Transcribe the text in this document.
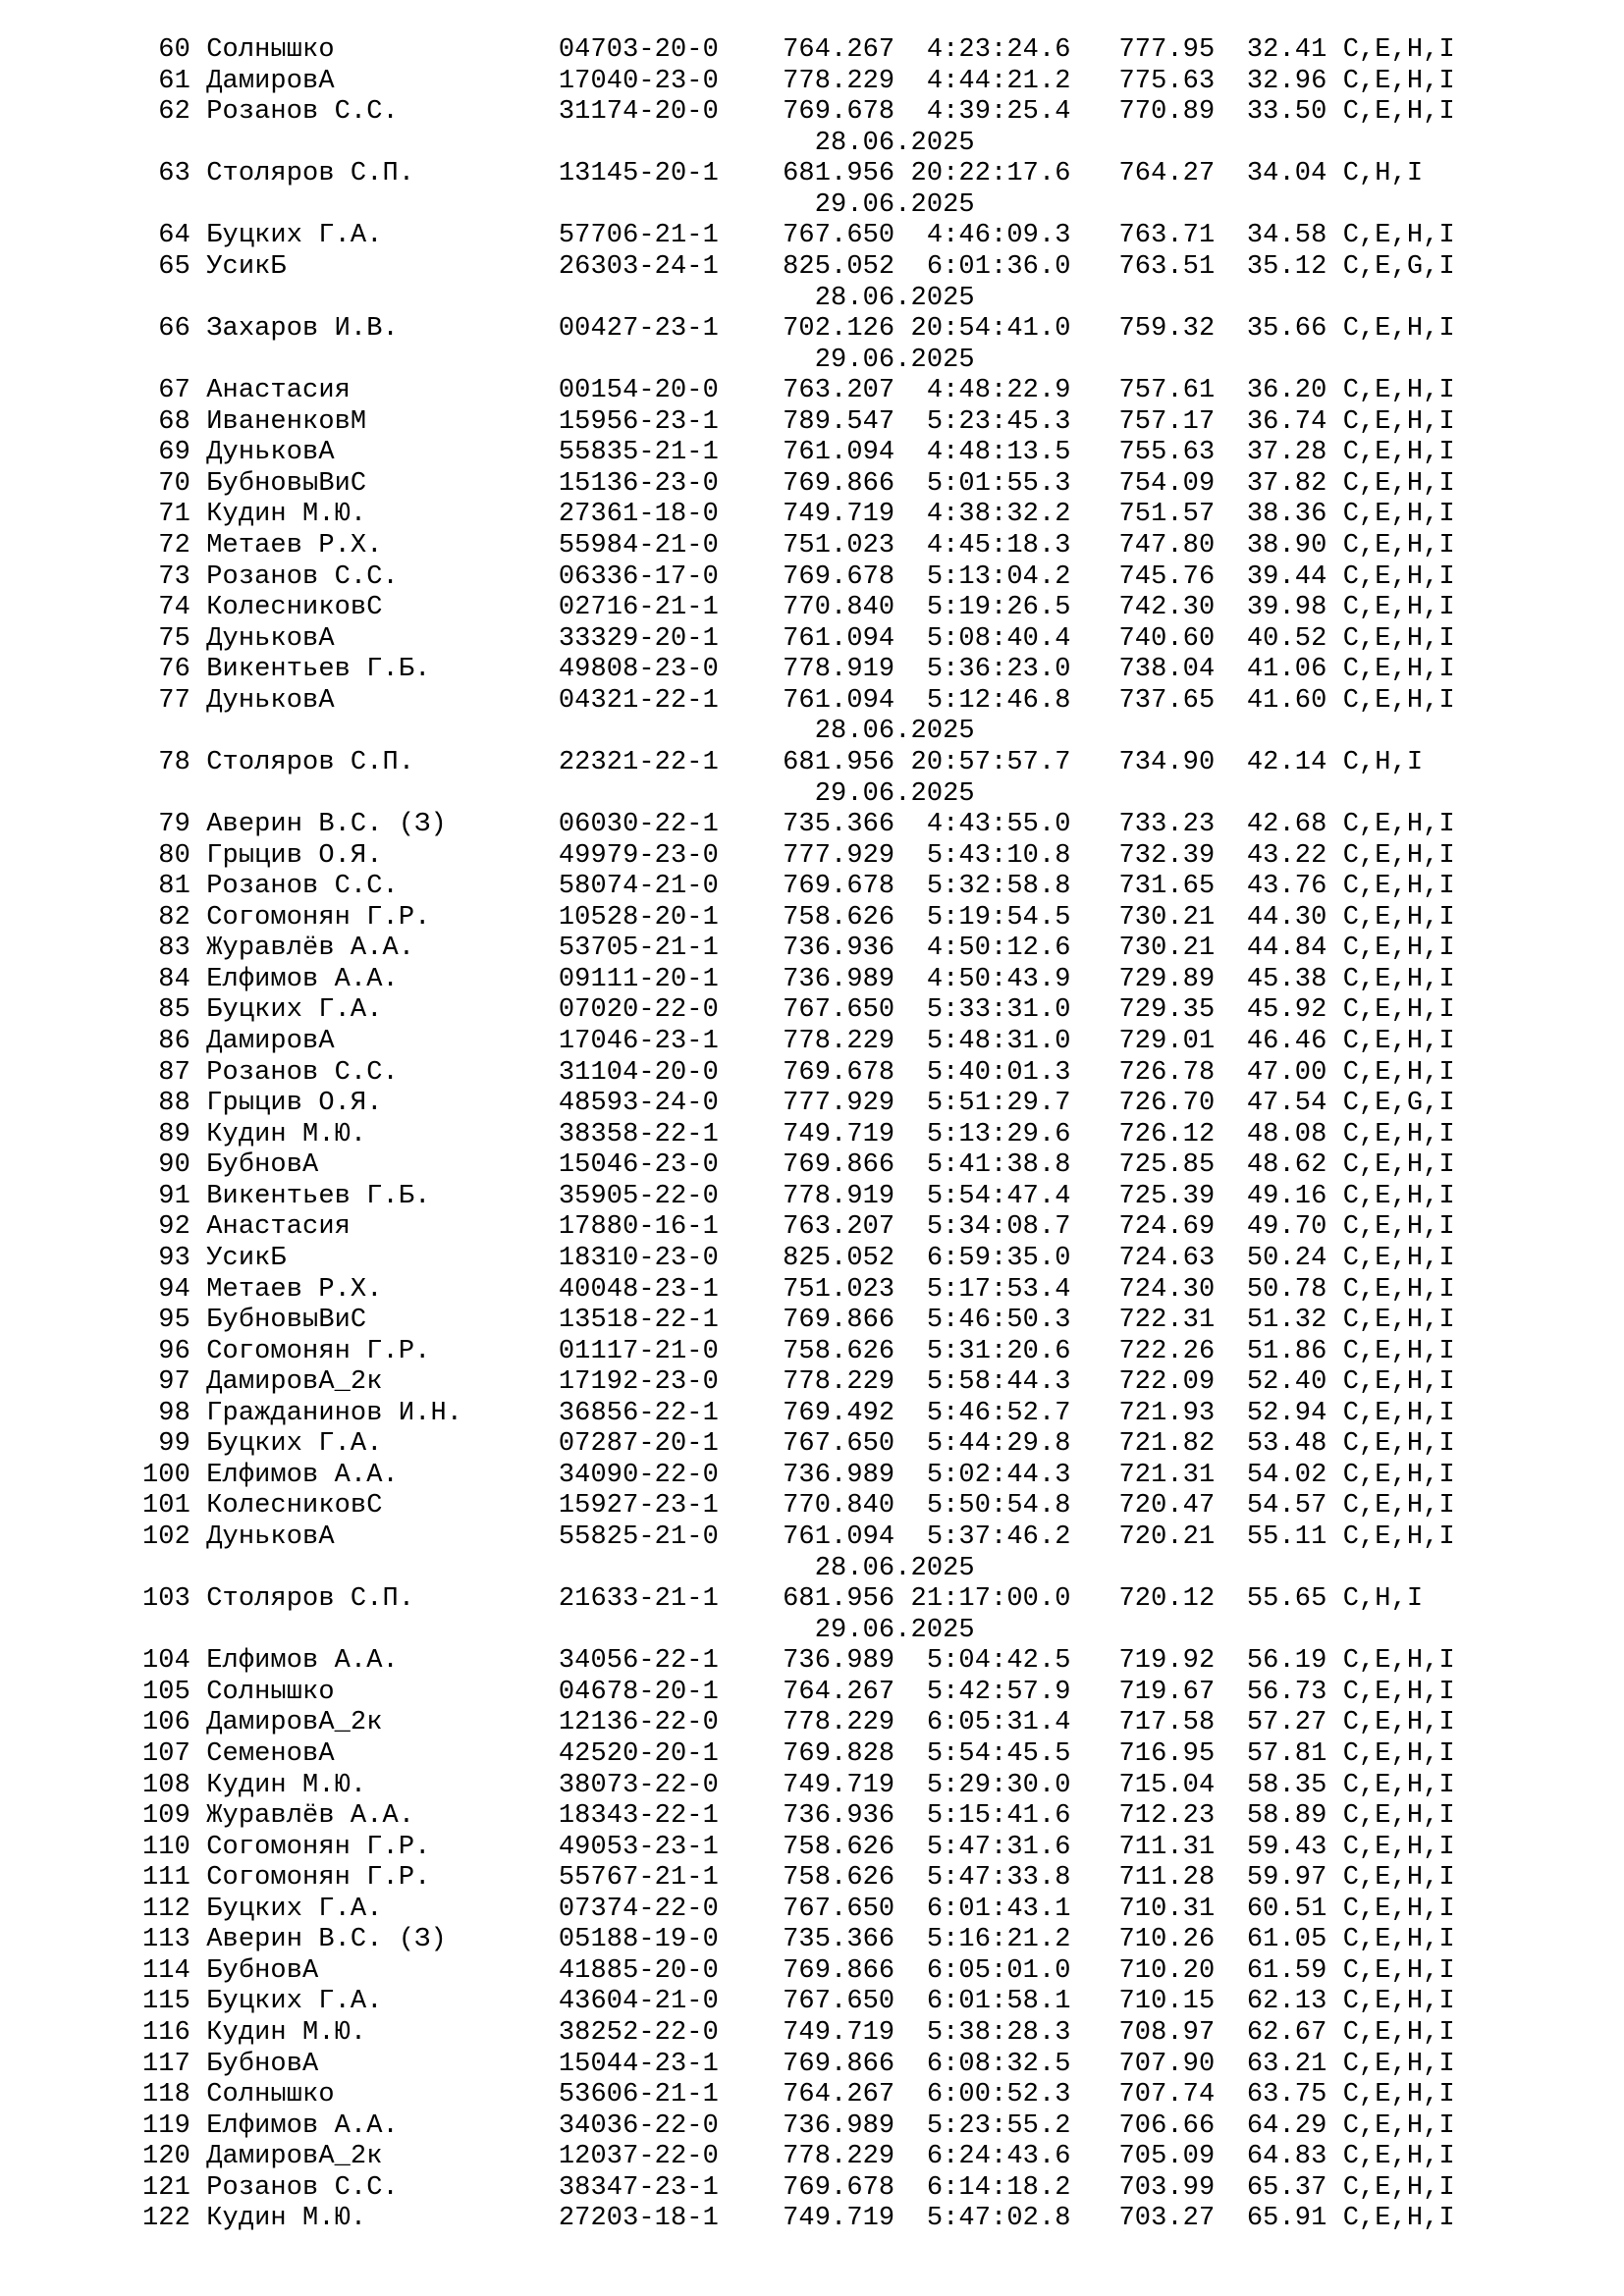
60 Солнышко              04703-20-0    764.267  4:23:24.6   777.95  32.41 C,E,H,I
61 ДамировА              17040-23-0    778.229  4:44:21.2   775.63  32.96 C,E,H,I
62 Розанов С.С.          31174-20-0    769.678  4:39:25.4   770.89  33.50 C,E,H,I
28.06.2025
63 Столяров С.П.         13145-20-1    681.956 20:22:17.6   764.27  34.04 C,H,I
29.06.2025
64 Буцких Г.А.           57706-21-1    767.650  4:46:09.3   763.71  34.58 C,E,H,I
65 УсикБ                 26303-24-1    825.052  6:01:36.0   763.51  35.12 C,E,G,I
28.06.2025
66 Захаров И.В.          00427-23-1    702.126 20:54:41.0   759.32  35.66 C,E,H,I
29.06.2025
67 Анастасия             00154-20-0    763.207  4:48:22.9   757.61  36.20 C,E,H,I
68 ИваненковМ            15956-23-1    789.547  5:23:45.3   757.17  36.74 C,E,H,I
69 ДуньковА              55835-21-1    761.094  4:48:13.5   755.63  37.28 C,E,H,I
70 БубновыВиС            15136-23-0    769.866  5:01:55.3   754.09  37.82 C,E,H,I
71 Кудин М.Ю.            27361-18-0    749.719  4:38:32.2   751.57  38.36 C,E,H,I
72 Метаев Р.Х.           55984-21-0    751.023  4:45:18.3   747.80  38.90 C,E,H,I
73 Розанов С.С.          06336-17-0    769.678  5:13:04.2   745.76  39.44 C,E,H,I
74 КолесниковС           02716-21-1    770.840  5:19:26.5   742.30  39.98 C,E,H,I
75 ДуньковА              33329-20-1    761.094  5:08:40.4   740.60  40.52 C,E,H,I
76 Викентьев Г.Б.        49808-23-0    778.919  5:36:23.0   738.04  41.06 C,E,H,I
77 ДуньковА              04321-22-1    761.094  5:12:46.8   737.65  41.60 C,E,H,I
28.06.2025
78 Столяров С.П.         22321-22-1    681.956 20:57:57.7   734.90  42.14 C,H,I
29.06.2025
79 Аверин В.С. (З)       06030-22-1    735.366  4:43:55.0   733.23  42.68 C,E,H,I
80 Грыцив О.Я.           49979-23-0    777.929  5:43:10.8   732.39  43.22 C,E,H,I
81 Розанов С.С.          58074-21-0    769.678  5:32:58.8   731.65  43.76 C,E,H,I
82 Согомонян Г.Р.        10528-20-1    758.626  5:19:54.5   730.21  44.30 C,E,H,I
83 Журавлёв А.А.         53705-21-1    736.936  4:50:12.6   730.21  44.84 C,E,H,I
84 Елфимов А.А.          09111-20-1    736.989  4:50:43.9   729.89  45.38 C,E,H,I
85 Буцких Г.А.           07020-22-0    767.650  5:33:31.0   729.35  45.92 C,E,H,I
86 ДамировА              17046-23-1    778.229  5:48:31.0   729.01  46.46 C,E,H,I
87 Розанов С.С.          31104-20-0    769.678  5:40:01.3   726.78  47.00 C,E,H,I
88 Грыцив О.Я.           48593-24-0    777.929  5:51:29.7   726.70  47.54 C,E,G,I
89 Кудин М.Ю.            38358-22-1    749.719  5:13:29.6   726.12  48.08 C,E,H,I
90 БубновА               15046-23-0    769.866  5:41:38.8   725.85  48.62 C,E,H,I
91 Викентьев Г.Б.        35905-22-0    778.919  5:54:47.4   725.39  49.16 C,E,H,I
92 Анастасия             17880-16-1    763.207  5:34:08.7   724.69  49.70 C,E,H,I
93 УсикБ                 18310-23-0    825.052  6:59:35.0   724.63  50.24 C,E,H,I
94 Метаев Р.Х.           40048-23-1    751.023  5:17:53.4   724.30  50.78 C,E,H,I
95 БубновыВиС            13518-22-1    769.866  5:46:50.3   722.31  51.32 C,E,H,I
96 Согомонян Г.Р.        01117-21-0    758.626  5:31:20.6   722.26  51.86 C,E,H,I
97 ДамировА_2к           17192-23-0    778.229  5:58:44.3   722.09  52.40 C,E,H,I
98 Гражданинов И.Н.      36856-22-1    769.492  5:46:52.7   721.93  52.94 C,E,H,I
99 Буцких Г.А.           07287-20-1    767.650  5:44:29.8   721.82  53.48 C,E,H,I
100 Елфимов А.А.          34090-22-0    736.989  5:02:44.3   721.31  54.02 C,E,H,I
101 КолесниковС           15927-23-1    770.840  5:50:54.8   720.47  54.57 C,E,H,I
102 ДуньковА              55825-21-0    761.094  5:37:46.2   720.21  55.11 C,E,H,I
28.06.2025
103 Столяров С.П.         21633-21-1    681.956 21:17:00.0   720.12  55.65 C,H,I
29.06.2025
104 Елфимов А.А.          34056-22-1    736.989  5:04:42.5   719.92  56.19 C,E,H,I
105 Солнышко              04678-20-1    764.267  5:42:57.9   719.67  56.73 C,E,H,I
106 ДамировА_2к           12136-22-0    778.229  6:05:31.4   717.58  57.27 C,E,H,I
107 СеменовА              42520-20-1    769.828  5:54:45.5   716.95  57.81 C,E,H,I
108 Кудин М.Ю.            38073-22-0    749.719  5:29:30.0   715.04  58.35 C,E,H,I
109 Журавлёв А.А.         18343-22-1    736.936  5:15:41.6   712.23  58.89 C,E,H,I
110 Согомонян Г.Р.        49053-23-1    758.626  5:47:31.6   711.31  59.43 C,E,H,I
111 Согомонян Г.Р.        55767-21-1    758.626  5:47:33.8   711.28  59.97 C,E,H,I
112 Буцких Г.А.           07374-22-0    767.650  6:01:43.1   710.31  60.51 C,E,H,I
113 Аверин В.С. (З)       05188-19-0    735.366  5:16:21.2   710.26  61.05 C,E,H,I
114 БубновА               41885-20-0    769.866  6:05:01.0   710.20  61.59 C,E,H,I
115 Буцких Г.А.           43604-21-0    767.650  6:01:58.1   710.15  62.13 C,E,H,I
116 Кудин М.Ю.            38252-22-0    749.719  5:38:28.3   708.97  62.67 C,E,H,I
117 БубновА               15044-23-1    769.866  6:08:32.5   707.90  63.21 C,E,H,I
118 Солнышко              53606-21-1    764.267  6:00:52.3   707.74  63.75 C,E,H,I
119 Елфимов А.А.          34036-22-0    736.989  5:23:55.2   706.66  64.29 C,E,H,I
120 ДамировА_2к           12037-22-0    778.229  6:24:43.6   705.09  64.83 C,E,H,I
121 Розанов С.С.          38347-23-1    769.678  6:14:18.2   703.99  65.37 C,E,H,I
122 Кудин М.Ю.            27203-18-1    749.719  5:47:02.8   703.27  65.91 C,E,H,I
